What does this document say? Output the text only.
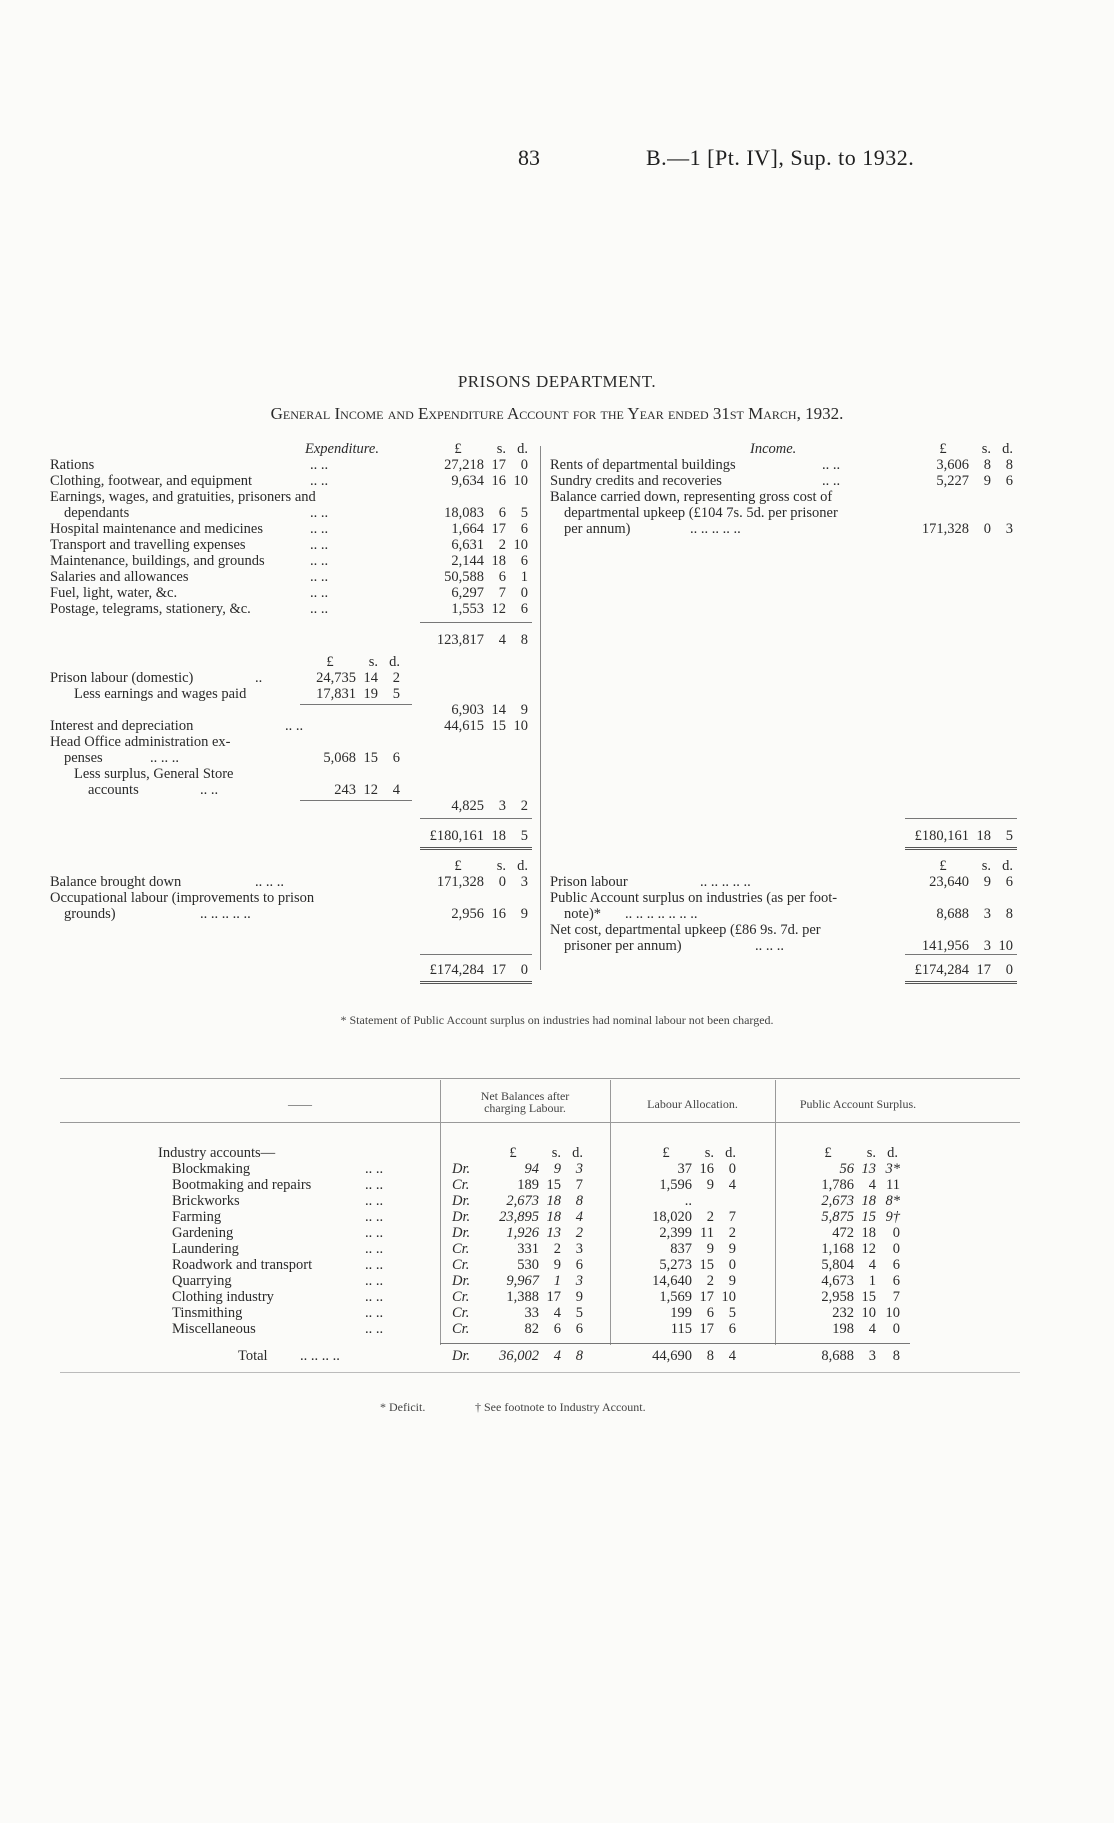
83	B.—1 [Pt. IV], Sup. to 1932.
PRISONS DEPARTMENT.
General Income and Expenditure Account for the Year ended 31st March, 1932.
Expenditure.	£	s. d.
Rations	.. ..	27,218 17	0
Clothing, footwear, and equipment	.. ..	9,634 16 10
Earnings, wages, and gratuities, prisoners and
dependants	.. ..	18,083	6	5
Hospital maintenance and medicines	.. ..	1,664 17	6
Transport and travelling expenses	.. ..	6,631	2 10
Maintenance, buildings, and grounds	.. ..	2,144 18	6
Salaries and allowances	.. ..	50,588	6	1
Fuel, light, water, &c.	.. ..	6,297	7	0
Postage, telegrams, stationery, &c.	.. ..	1,553 12	6
123,817	4	8
£	s. d.
Prison labour (domestic)	..	24,735 14	2
Less earnings and wages paid	17,831 19	5
6,903 14	9
Interest and depreciation	.. ..	44,615 15 10
Head Office administration ex-
penses	.. .. ..	5,068 15	6
Less surplus, General Store
accounts	.. ..	243 12	4
4,825	3	2
£180,161 18	5
£	s. d.
Balance brought down	.. .. ..	171,328	0	3
Occupational labour (improvements to prison
grounds)	.. .. .. .. ..	2,956 16	9
£174,284 17	0
Income.	£	s. d.
Rents of departmental buildings	.. ..	3,606	8	8
Sundry credits and recoveries	.. ..	5,227	9	6
Balance carried down, representing gross cost of
departmental upkeep (£104 7s. 5d. per prisoner
per annum)	.. .. .. .. ..	171,328	0	3
£180,161 18	5
£	s. d.
Prison labour	.. .. .. .. ..	23,640	9	6
Public Account surplus on industries (as per foot-
note)* .. .. .. .. .. .. ..	8,688	3	8
Net cost, departmental upkeep (£86 9s. 7d. per
prisoner per annum)	.. .. ..	141,956	3 10
£174,284 17	0
* Statement of Public Account surplus on industries had nominal labour not been charged.
——
Net Balances after
charging Labour.	Labour Allocation.	Public Account Surplus.
Industry accounts—	£	s. d.	£	s. d.	£	s. d.
Blockmaking	.. ..	Dr.	94	9	3	37 16	0	56 13 3*
Bootmaking and repairs	.. ..	Cr.	189 15	7	1,596	9	4	1,786	4 11
Brickworks	.. ..	Dr.	2,673 18	8	..	2,673 18 8*
Farming	.. ..	Dr.	23,895 18	4	18,020	2	7	5,875 15 9†
Gardening	.. ..	Dr.	1,926 13	2	2,399 11	2	472 18	0
Laundering	.. ..	Cr.	331	2	3	837	9	9	1,168 12	0
Roadwork and transport	.. ..	Cr.	530	9	6	5,273 15	0	5,804	4	6
Quarrying	.. ..	Dr.	9,967	1	3	14,640	2	9	4,673	1	6
Clothing industry	.. ..	Cr.	1,388 17	9	1,569 17 10	2,958 15	7
Tinsmithing	.. ..	Cr.	33	4	5	199	6	5	232 10 10
Miscellaneous	.. ..	Cr.	82	6	6	115 17	6	198	4	0
Total .. .. .. ..	Dr.	36,002	4	8	44,690	8	4	8,688	3	8
* Deficit.	† See footnote to Industry Account.
